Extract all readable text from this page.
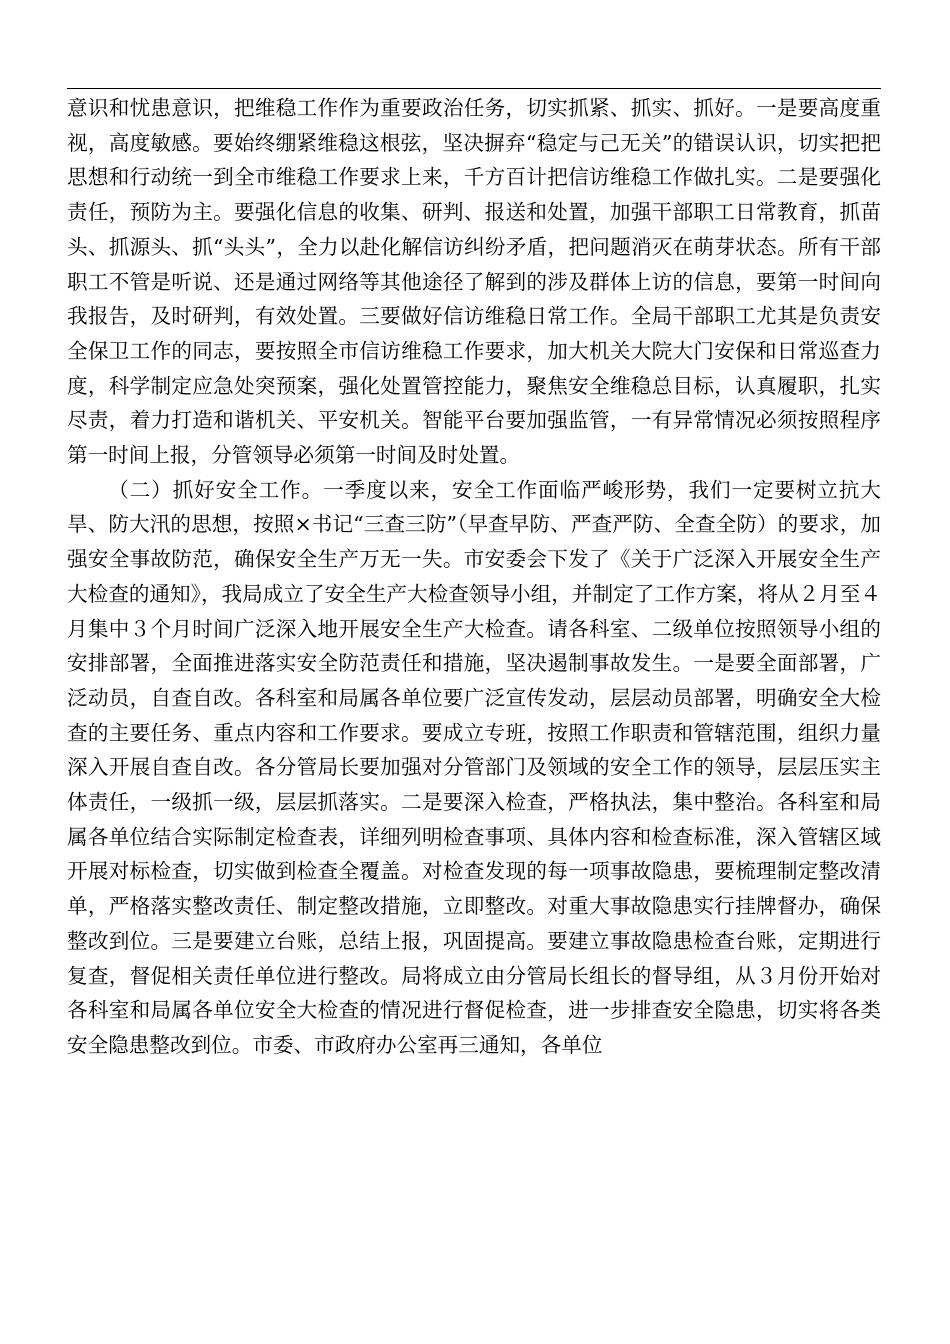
意识和忧患意识，把维稳工作作为重要政治任务，切实抓紧、抓实、抓好。一是要高度重视，高度敏感。要始终绷紧维稳这根弦，坚决摒弃“稳定与己无关”的错误认识，切实把把思想和行动统一到全市维稳工作要求上来，千方百计把信访维稳工作做扎实。二是要强化责任，预防为主。要强化信息的收集、研判、报送和处置，加强干部职工日常教育，抓苗头、抓源头、抓“头头”，全力以赴化解信访纠纷矛盾，把问题消灭在萌芽状态。所有干部职工不管是听说、还是通过网络等其他途径了解到的涉及群体上访的信息，要第一时间向我报告，及时研判，有效处置。三要做好信访维稳日常工作。全局干部职工尤其是负责安全保卫工作的同志，要按照全市信访维稳工作要求，加大机关大院大门安保和日常巡查力度，科学制定应急处突预案，强化处置管控能力，聚焦安全维稳总目标，认真履职，扎实尽责，着力打造和谐机关、平安机关。智能平台要加强监管，一有异常情况必须按照程序第一时间上报，分管领导必须第一时间及时处置。

（二）抓好安全工作。一季度以来，安全工作面临严峻形势，我们一定要树立抗大旱、防大汛的思想，按照×书记“三查三防”（早查早防、严查严防、全查全防）的要求，加强安全事故防范，确保安全生产万无一失。市安委会下发了《关于广泛深入开展安全生产大检查的通知》，我局成立了安全生产大检查领导小组，并制定了工作方案，将从２月至４月集中３个月时间广泛深入地开展安全生产大检查。请各科室、二级单位按照领导小组的安排部署，全面推进落实安全防范责任和措施，坚决遏制事故发生。一是要全面部署，广泛动员，自查自改。各科室和局属各单位要广泛宣传发动，层层动员部署，明确安全大检查的主要任务、重点内容和工作要求。要成立专班，按照工作职责和管辖范围，组织力量深入开展自查自改。各分管局长要加强对分管部门及领域的安全工作的领导，层层压实主体责任，一级抓一级，层层抓落实。二是要深入检查，严格执法，集中整治。各科室和局属各单位结合实际制定检查表，详细列明检查事项、具体内容和检查标准，深入管辖区域开展对标检查，切实做到检查全覆盖。对检查发现的每一项事故隐患，要梳理制定整改清单，严格落实整改责任、制定整改措施，立即整改。对重大事故隐患实行挂牌督办，确保整改到位。三是要建立台账，总结上报，巩固提高。要建立事故隐患检查台账，定期进行复查，督促相关责任单位进行整改。局将成立由分管局长组长的督导组，从３月份开始对各科室和局属各单位安全大检查的情况进行督促检查，进一步排查安全隐患，切实将各类安全隐患整改到位。市委、市政府办公室再三通知，各单位
